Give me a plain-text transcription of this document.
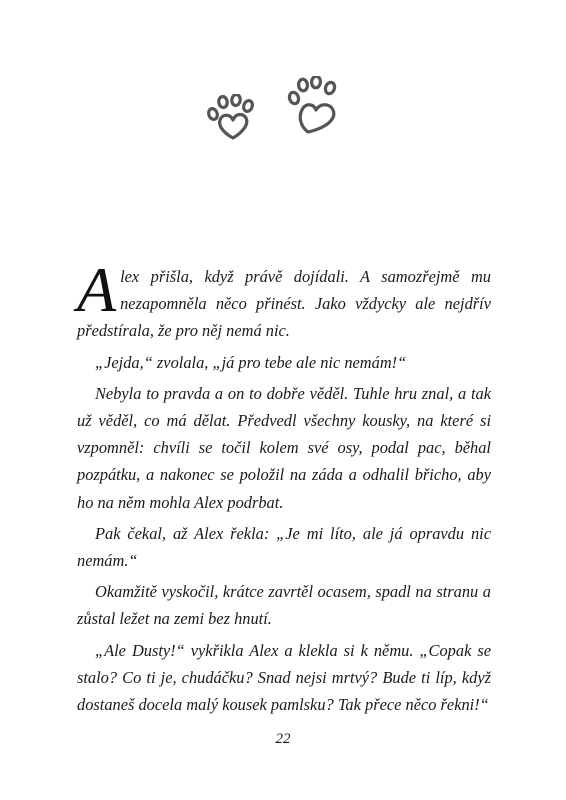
Alex přišla, když právě dojídali. A samozřejmě mu nezapomněla něco přinést. Jako vždycky ale nejdřív předstírala, že pro něj nemá nic.

„Jejda,“ zvolala, „já pro tebe ale nic nemám!“

Nebyla to pravda a on to dobře věděl. Tuhle hru znal, a tak už věděl, co má dělat. Předvedl všechny kousky, na které si vzpomněl: chvíli se točil kolem své osy, podal pac, běhal pozpátku, a nakonec se položil na záda a odhalil břicho, aby ho na něm mohla Alex podrbat.

Pak čekal, až Alex řekla: „Je mi líto, ale já opravdu nic nemám.“

Okamžitě vyskočil, krátce zavrtěl ocasem, spadl na stranu a zůstal ležet na zemi bez hnutí.

„Ale Dusty!“ vykřikla Alex a klekla si k němu. „Copak se stalo? Co ti je, chudáčku? Snad nejsi mrtvý? Bude ti líp, když dostaneš docela malý kousek pamlsku? Tak přece něco řekni!“

22
